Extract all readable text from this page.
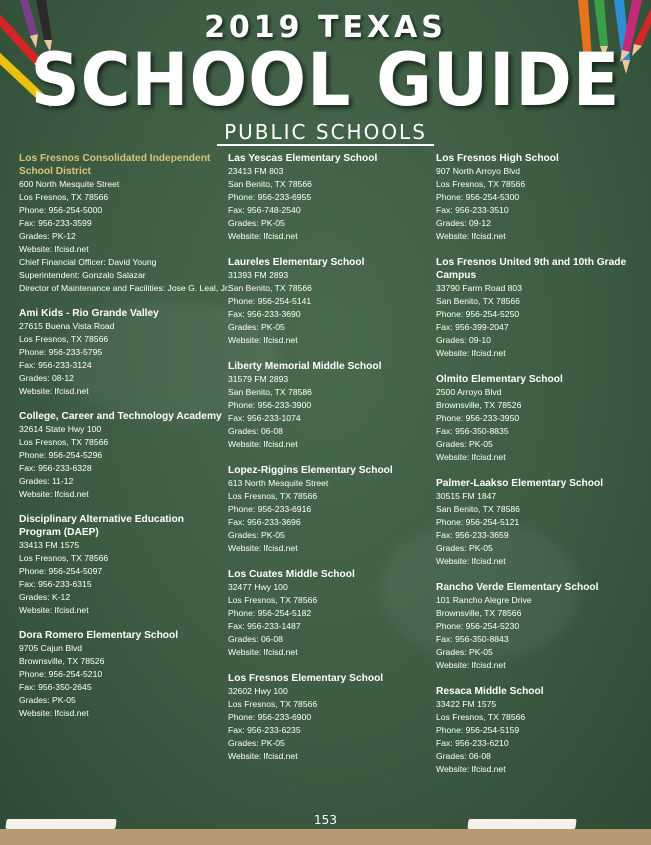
2019 TEXAS
SCHOOL GUIDE
PUBLIC SCHOOLS
Los Fresnos Consolidated Independent School District
600 North Mesquite Street
Los Fresnos, TX 78566
Phone: 956-254-5000
Fax: 956-233-3599
Grades: PK-12
Website: lfcisd.net
Chief Financial Officer: David Young
Superintendent: Gonzalo Salazar
Director of Maintenance and Facilities: Jose G. Leal, Jr.
Ami Kids - Rio Grande Valley
27615 Buena Vista Road
Los Fresnos, TX 78566
Phone: 956-233-5795
Fax: 956-233-3124
Grades: 08-12
Website: lfcisd.net
College, Career and Technology Academy
32614 State Hwy 100
Los Fresnos, TX 78566
Phone: 956-254-5296
Fax: 956-233-6328
Grades: 11-12
Website: lfcisd.net
Disciplinary Alternative Education Program (DAEP)
33413 FM 1575
Los Fresnos, TX 78566
Phone: 956-254-5097
Fax: 956-233-6315
Grades: K-12
Website: lfcisd.net
Dora Romero Elementary School
9705 Cajun Blvd
Brownsville, TX 78526
Phone: 956-254-5210
Fax: 956-350-2645
Grades: PK-05
Website: lfcisd.net
Las Yescas Elementary School
23413 FM 803
San Benito, TX 78566
Phone: 956-233-6955
Fax: 956-748-2540
Grades: PK-05
Website: lfcisd.net
Laureles Elementary School
31393 FM 2893
San Benito, TX 78566
Phone: 956-254-5141
Fax: 956-233-3690
Grades: PK-05
Website: lfcisd.net
Liberty Memorial Middle School
31579 FM 2893
San Benito, TX 78586
Phone: 956-233-3900
Fax: 956-233-1074
Grades: 06-08
Website: lfcisd.net
Lopez-Riggins Elementary School
613 North Mesquite Street
Los Fresnos, TX 78566
Phone: 956-233-6916
Fax: 956-233-3696
Grades: PK-05
Website: lfcisd.net
Los Cuates Middle School
32477 Hwy 100
Los Fresnos, TX 78566
Phone: 956-254-5182
Fax: 956-233-1487
Grades: 06-08
Website: lfcisd.net
Los Fresnos Elementary School
32602 Hwy 100
Los Fresnos, TX 78566
Phone: 956-233-6900
Fax: 956-233-6235
Grades: PK-05
Website: lfcisd.net
Los Fresnos High School
907 North Arroyo Blvd
Los Fresnos, TX 78566
Phone: 956-254-5300
Fax: 956-233-3510
Grades: 09-12
Website: lfcisd.net
Los Fresnos United 9th and 10th Grade Campus
33790 Farm Road 803
San Benito, TX 78566
Phone: 956-254-5250
Fax: 956-399-2047
Grades: 09-10
Website: lfcisd.net
Olmito Elementary School
2500 Arroyo Blvd
Brownsville, TX 78526
Phone: 956-233-3950
Fax: 956-350-8835
Grades: PK-05
Website: lfcisd.net
Palmer-Laakso Elementary School
30515 FM 1847
San Benito, TX 78586
Phone: 956-254-5121
Fax: 956-233-3659
Grades: PK-05
Website: lfcisd.net
Rancho Verde Elementary School
101 Rancho Alegre Drive
Brownsville, TX 78566
Phone: 956-254-5230
Fax: 956-350-8843
Grades: PK-05
Website: lfcisd.net
Resaca Middle School
33422 FM 1575
Los Fresnos, TX 78566
Phone: 956-254-5159
Fax: 956-233-6210
Grades: 06-08
Website: lfcisd.net
153
